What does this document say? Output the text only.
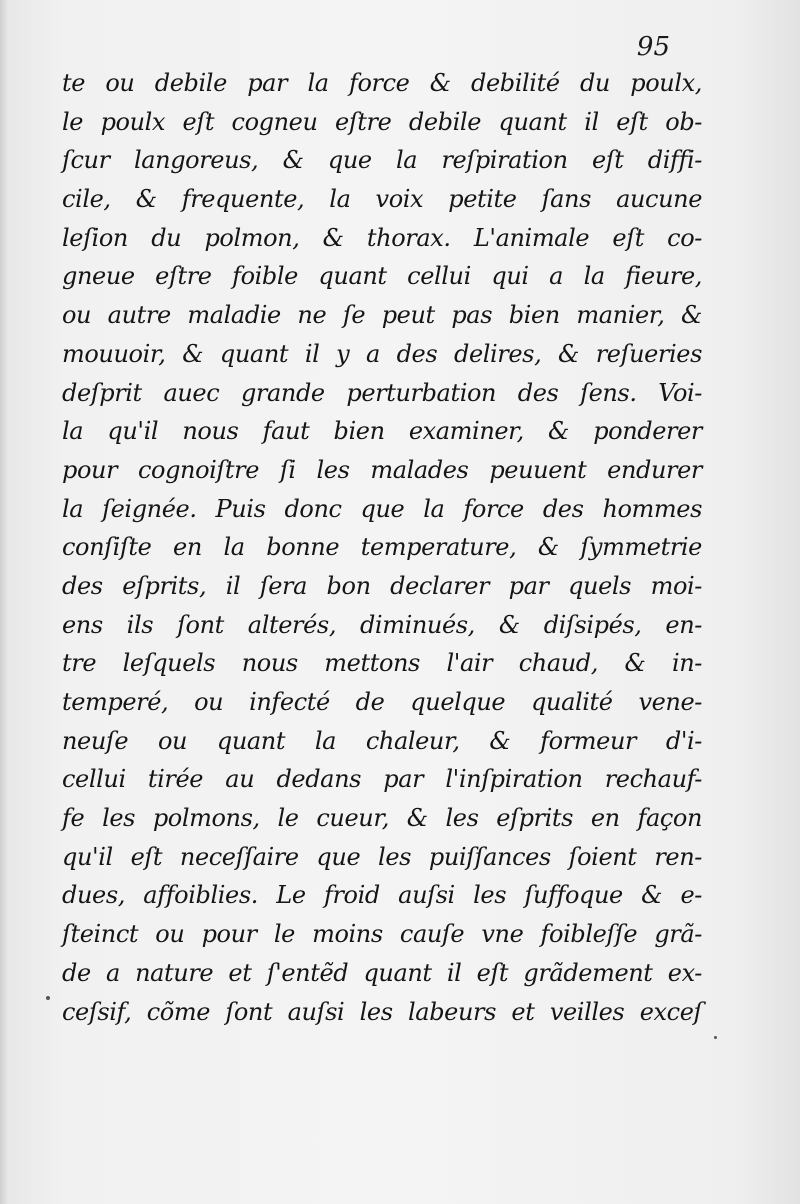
95

te ou debile par la force & debilité du poulx,
le poulx eſt cogneu eſtre debile quant il eſt ob-
ſcur langoreus, & que la reſpiration eſt diffi-
cile, & frequente, la voix petite ſans aucune
leſion du polmon, & thorax. L'animale eſt co-
gneue eſtre foible quant cellui qui a la fieure,
ou autre maladie ne ſe peut pas bien manier, &
mouuoir, & quant il y a des delires, & reſueries
deſprit auec grande perturbation des ſens. Voi-
la qu'il nous faut bien examiner, & ponderer
pour cognoiſtre ſi les malades peuuent endurer
la ſeignée. Puis donc que la force des hommes
conſiſte en la bonne temperature, & ſymmetrie
des eſprits, il ſera bon declarer par quels moi-
ens ils ſont alterés, diminués, & diſsipés, en-
tre leſquels nous mettons l'air chaud, & in-
temperé, ou infecté de quelque qualité vene-
neuſe ou quant la chaleur, & formeur d'i-
cellui tirée au dedans par l'inſpiration rechauf-
fe les polmons, le cueur, & les eſprits en façon
qu'il eſt neceſſaire que les puiſſances ſoient ren-
dues, affoiblies. Le froid auſsi les ſuffoque & e-
ſteinct ou pour le moins cauſe vne foibleſſe grã-
de a nature et ſ'entẽd quant il eſt grãdement ex-
ceſsif, cõme ſont auſsi les labeurs et veilles exceſ
